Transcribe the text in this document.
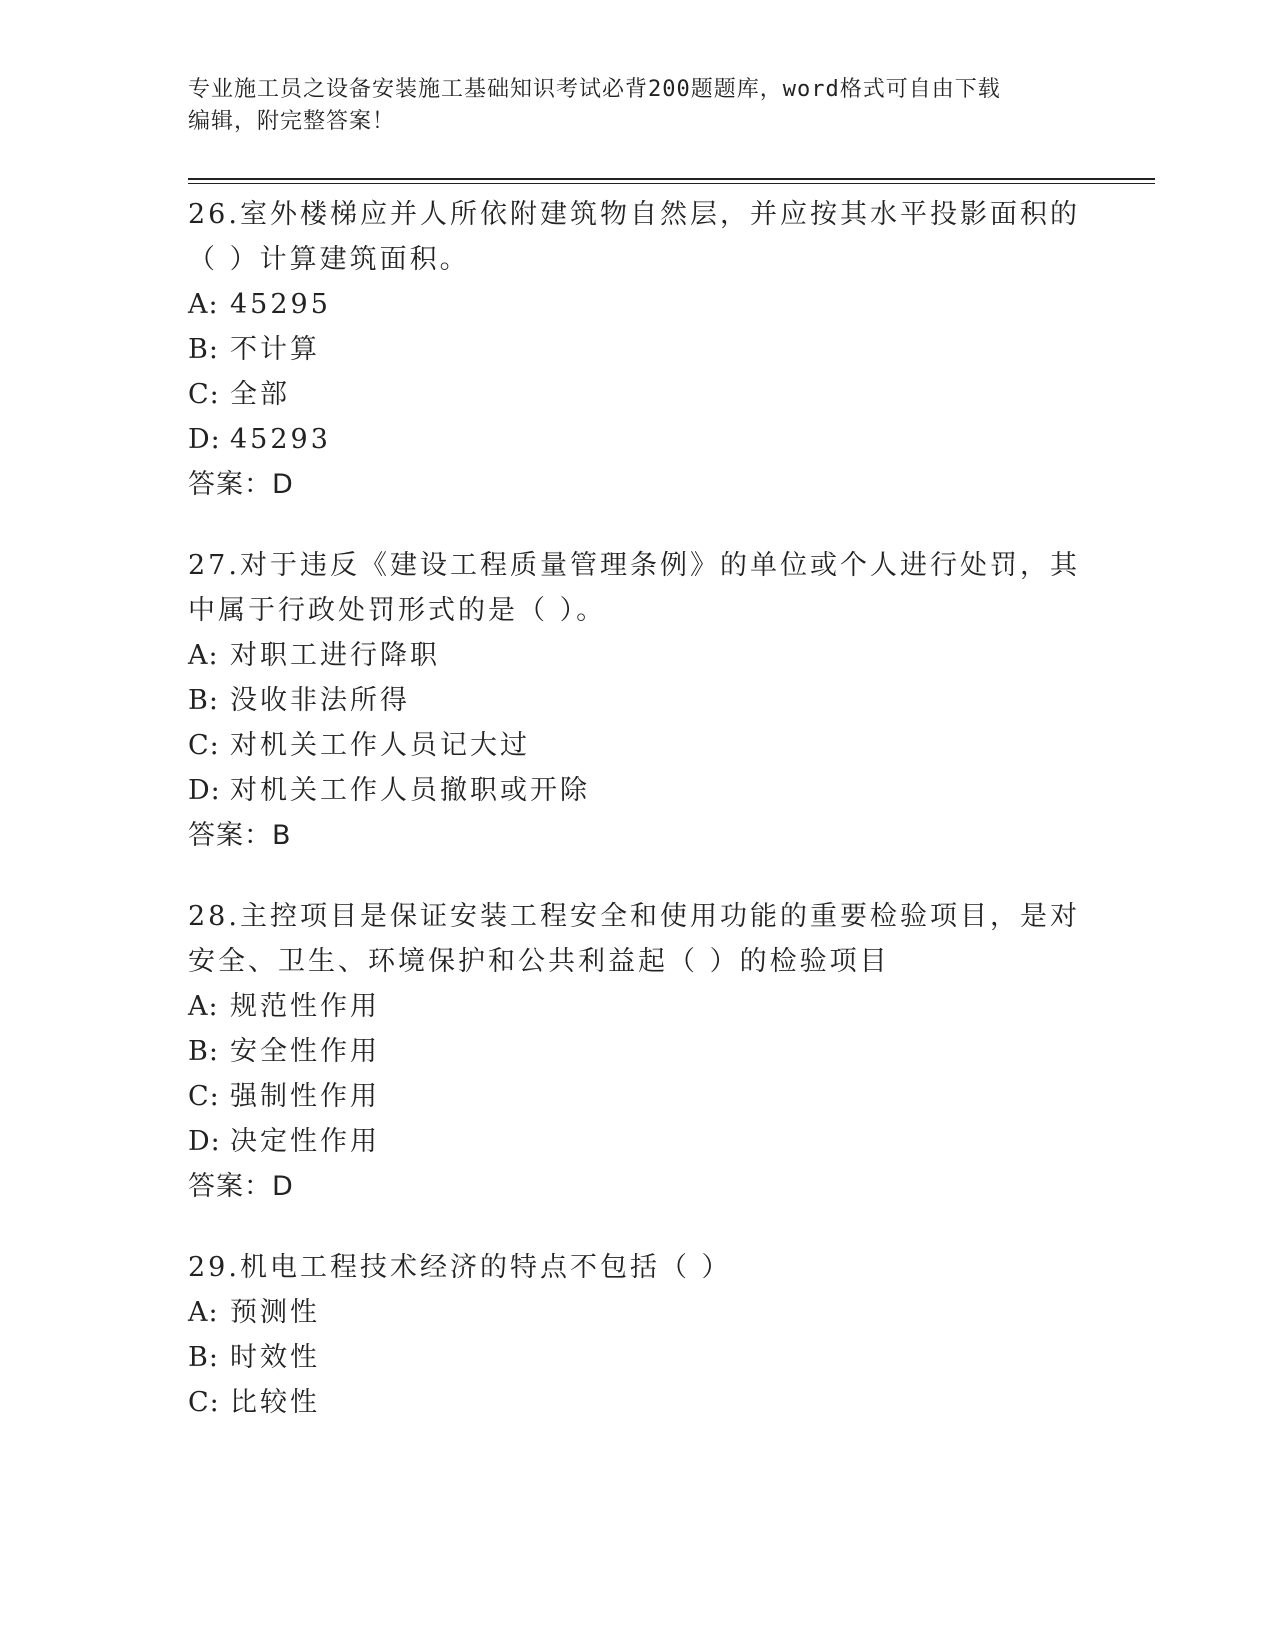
专业施工员之设备安装施工基础知识考试必背200题题库，word格式可自由下载
编辑，附完整答案！

26.室外楼梯应并人所依附建筑物自然层，并应按其水平投影面积的（ ）计算建筑面积。

A: 45295

B: 不计算

C: 全部

D: 45293

答案：D

27.对于违反《建设工程质量管理条例》的单位或个人进行处罚，其中属于行政处罚形式的是（ ）。

A: 对职工进行降职

B: 没收非法所得

C: 对机关工作人员记大过

D: 对机关工作人员撤职或开除

答案：B

28.主控项目是保证安装工程安全和使用功能的重要检验项目，是对安全、卫生、环境保护和公共利益起（ ）的检验项目

A: 规范性作用

B: 安全性作用

C: 强制性作用

D: 决定性作用

答案：D

29.机电工程技术经济的特点不包括（ ）

A: 预测性

B: 时效性

C: 比较性
